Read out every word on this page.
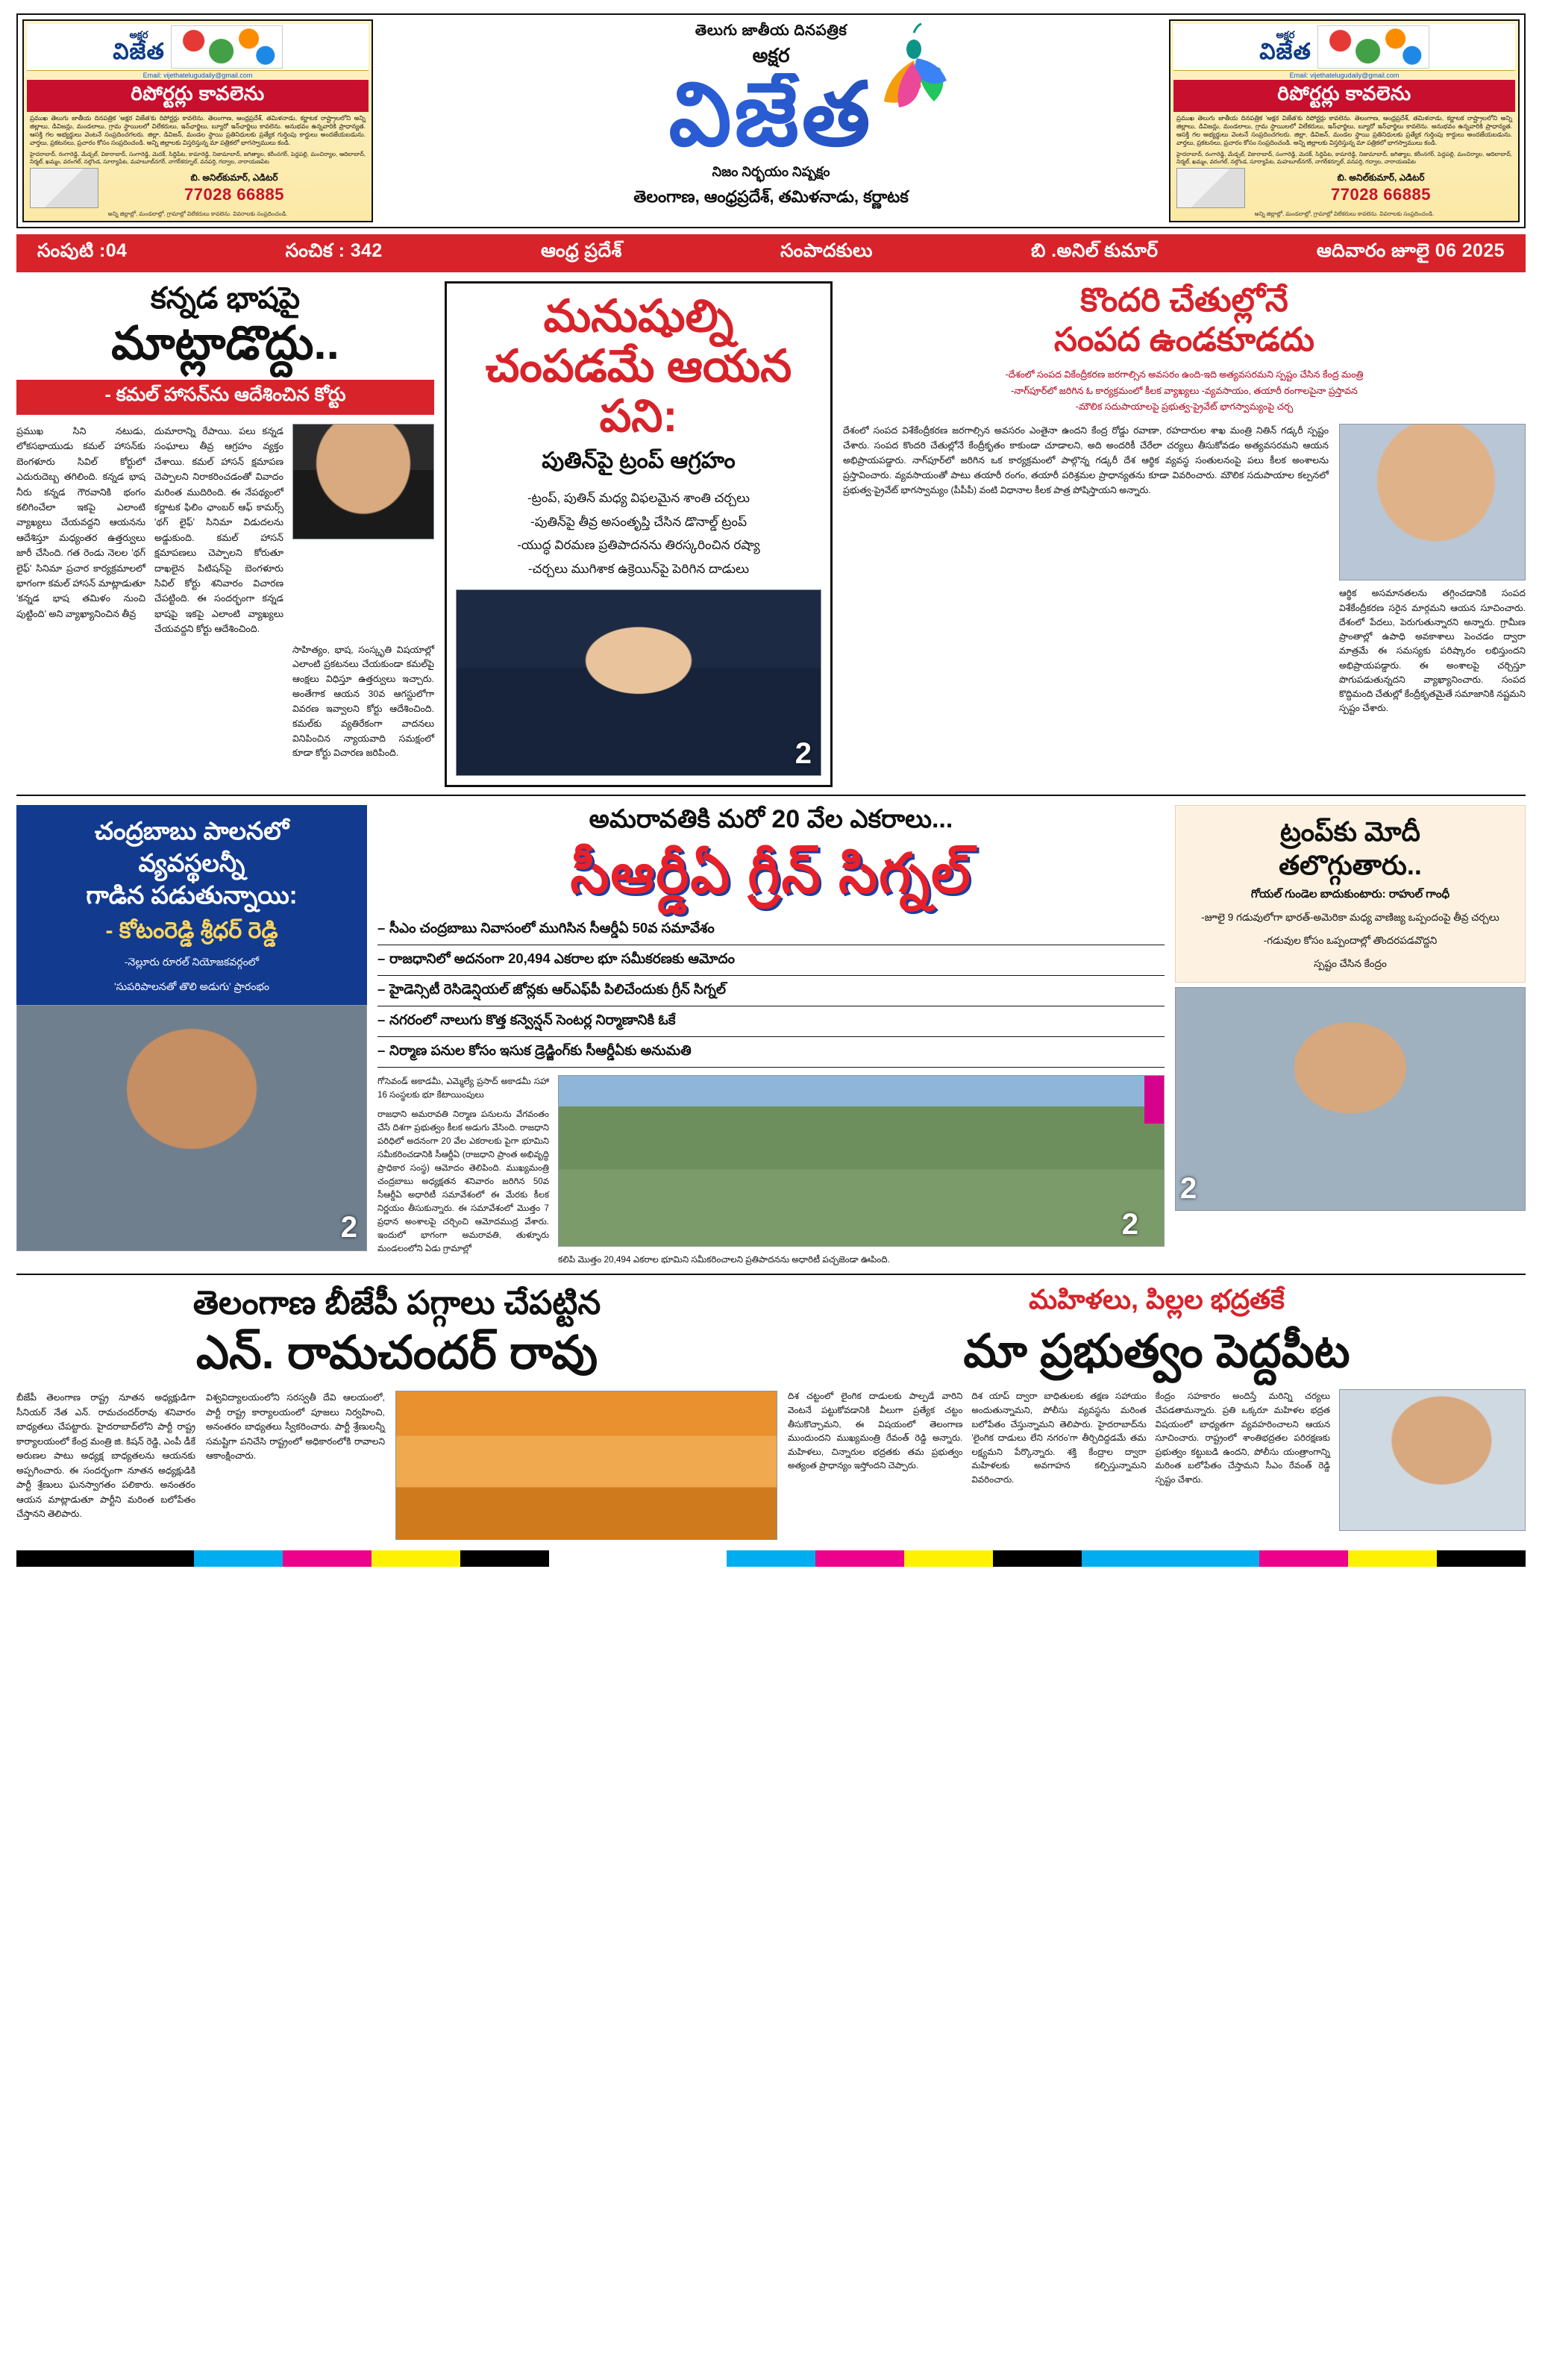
అక్షర
విజేత
Email: vijethatelugudaily@gmail.com
రిపోర్టర్లు కావలెను
ప్రముఖ తెలుగు జాతీయ దినపత్రిక 'అక్షర విజేత'కు రిపోర్టర్లు కావలెను. తెలంగాణ, ఆంధ్రప్రదేశ్, తమిళనాడు, కర్ణాటక రాష్ట్రాలలోని అన్ని జిల్లాలు, డివిజన్లు, మండలాలు, గ్రామ స్థాయిలలో విలేకరులు, ఇన్‌ఛార్జిలు, బ్యూరో ఇన్‌ఛార్జిలు కావలెను. అనుభవం ఉన్నవారికి ప్రాధాన్యత. ఆసక్తి గల అభ్యర్థులు వెంటనే సంప్రదించగలరు. జిల్లా, డివిజన్, మండల స్థాయి ప్రతినిధులకు ప్రత్యేక గుర్తింపు కార్డులు అందజేయబడును. వార్తలు, ప్రకటనలు, ప్రచారం కోసం సంప్రదించండి. అన్ని జిల్లాలకు విస్తరిస్తున్న మా పత్రికలో భాగస్వాములు కండి.
హైదరాబాద్, రంగారెడ్డి, మేడ్చల్, వికారాబాద్, సంగారెడ్డి, మెదక్, సిద్దిపేట, కామారెడ్డి, నిజామాబాద్, జగిత్యాల, కరీంనగర్, పెద్దపల్లి, మంచిర్యాల, ఆదిలాబాద్, నిర్మల్, ఖమ్మం, వరంగల్, నల్గొండ, సూర్యాపేట, మహబూబ్‌నగర్, నాగర్‌కర్నూల్, వనపర్తి, గద్వాల, నారాయణపేట
బి. అనిల్‌కుమార్, ఎడిటర్
77028 66885
అన్ని జిల్లాల్లో, మండలాల్లో, గ్రామాల్లో విలేకరులు కావలెను. వివరాలకు సంప్రదించండి.
తెలుగు జాతీయ దినపత్రిక
అక్షర
విజేత
నిజం నిర్భయం నిష్పక్షం
తెలంగాణ, ఆంధ్రప్రదేశ్, తమిళనాడు, కర్ణాటక
అక్షర
విజేత
Email: vijethatelugudaily@gmail.com
రిపోర్టర్లు కావలెను
ప్రముఖ తెలుగు జాతీయ దినపత్రిక 'అక్షర విజేత'కు రిపోర్టర్లు కావలెను. తెలంగాణ, ఆంధ్రప్రదేశ్, తమిళనాడు, కర్ణాటక రాష్ట్రాలలోని అన్ని జిల్లాలు, డివిజన్లు, మండలాలు, గ్రామ స్థాయిలలో విలేకరులు, ఇన్‌ఛార్జిలు, బ్యూరో ఇన్‌ఛార్జిలు కావలెను. అనుభవం ఉన్నవారికి ప్రాధాన్యత. ఆసక్తి గల అభ్యర్థులు వెంటనే సంప్రదించగలరు. జిల్లా, డివిజన్, మండల స్థాయి ప్రతినిధులకు ప్రత్యేక గుర్తింపు కార్డులు అందజేయబడును. వార్తలు, ప్రకటనలు, ప్రచారం కోసం సంప్రదించండి. అన్ని జిల్లాలకు విస్తరిస్తున్న మా పత్రికలో భాగస్వాములు కండి.
హైదరాబాద్, రంగారెడ్డి, మేడ్చల్, వికారాబాద్, సంగారెడ్డి, మెదక్, సిద్దిపేట, కామారెడ్డి, నిజామాబాద్, జగిత్యాల, కరీంనగర్, పెద్దపల్లి, మంచిర్యాల, ఆదిలాబాద్, నిర్మల్, ఖమ్మం, వరంగల్, నల్గొండ, సూర్యాపేట, మహబూబ్‌నగర్, నాగర్‌కర్నూల్, వనపర్తి, గద్వాల, నారాయణపేట
బి. అనిల్‌కుమార్, ఎడిటర్
77028 66885
అన్ని జిల్లాల్లో, మండలాల్లో, గ్రామాల్లో విలేకరులు కావలెను. వివరాలకు సంప్రదించండి.
సంపుటి :04	సంచిక : 342	ఆంధ్ర ప్రదేశ్	సంపాదకులు	బి .అనిల్ కుమార్	ఆదివారం జూలై 06 2025
కన్నడ భాషపై
మాట్లాడొద్దు..
- కమల్ హాసన్‌ను ఆదేశించిన కోర్టు
ప్రముఖ సిని నటుడు, లోకసభాయుడు కమల్ హాసన్‌కు బెంగళూరు సివిల్ కోర్టులో ఎదురుదెబ్బ తగిలింది. కన్నడ భాష నీరు కన్నడ గౌరవానికి భంగం కలిగించేలా ఇకపై ఎలాంటి వ్యాఖ్యలు చేయవద్దని ఆయనను ఆదేశిస్తూ మధ్యంతర ఉత్తర్వులు జారీ చేసింది. గత రెండు నెలల 'థగ్ లైఫ్' సినిమా ప్రచార కార్యక్రమాలలో భాగంగా కమల్ హాసన్ మాట్లాడుతూ 'కన్నడ భాష తమిళం నుంచి పుట్టింది' అని వ్యాఖ్యానించిన తీవ్ర
దుమారాన్ని రేపాయి. పలు కన్నడ సంఘాలు తీవ్ర ఆగ్రహం వ్యక్తం చేశాయి. కమల్ హాసన్ క్షమాపణ చెప్పాలని నిరాకరించడంతో వివాదం మరింత ముదిరింది. ఈ నేపథ్యంలో కర్ణాటక ఫిలిం ఛాంబర్ ఆఫ్ కామర్స్ 'థగ్ లైఫ్' సినిమా విడుదలను అడ్డుకుంది. కమల్ హాసన్ క్షమాపణలు చెప్పాలని కోరుతూ దాఖలైన పిటిషన్‌పై బెంగళూరు సివిల్ కోర్టు శనివారం విచారణ చేపట్టింది. ఈ సందర్భంగా కన్నడ భాషపై ఇకపై ఎలాంటి వ్యాఖ్యలు చేయవద్దని కోర్టు ఆదేశించింది.
సాహిత్యం, భాష, సంస్కృతి విషయాల్లో ఎలాంటి ప్రకటనలు చేయకుండా కమల్‌పై ఆంక్షలు విధిస్తూ ఉత్తర్వులు ఇచ్చారు. అంతేగాక ఆయన 30వ ఆగస్టులోగా వివరణ ఇవ్వాలని కోర్టు ఆదేశించింది. కమల్‌కు వ్యతిరేకంగా వాదనలు వినిపించిన న్యాయవాది సమక్షంలో కూడా కోర్టు విచారణ జరిపింది.
మనుషుల్ని చంపడమే ఆయన పని:
పుతిన్‌పై ట్రంప్ ఆగ్రహం
-ట్రంప్, పుతిన్ మధ్య విఫలమైన శాంతి చర్చలు
-పుతిన్‌పై తీవ్ర అసంతృప్తి చేసిన డొనాల్డ్ ట్రంప్
-యుద్ధ విరమణ ప్రతిపాదనను తిరస్కరించిన రష్యా
-చర్చలు ముగిశాక ఉక్రెయిన్‌పై పెరిగిన దాడులు
2
కొందరి చేతుల్లోనే
సంపద ఉండకూడదు
-దేశంలో సంపద వికేంద్రీకరణ జరగాల్సిన అవసరం ఉంది-ఇది అత్యవసరమని స్పష్టం చేసిన కేంద్ర మంత్రి
-నాగ్‌పూర్‌లో జరిగిన ఓ కార్యక్రమంలో కీలక వ్యాఖ్యలు -వ్యవసాయం, తయారీ రంగాలపైనా ప్రస్తావన
-మౌలిక సదుపాయాలపై ప్రభుత్వ-ప్రైవేట్ భాగస్వామ్యంపై చర్చ
దేశంలో సంపద విశేకేంద్రీకరణ జరగాల్సిన అవసరం ఎంతైనా ఉందని కేంద్ర రోడ్డు రవాణా, రహదారుల శాఖ మంత్రి నితిన్ గడ్కరీ స్పష్టం చేశారు. సంపద కొందరి చేతుల్లోనే కేంద్రీకృతం కాకుండా చూడాలని, అది అందరికీ చేరేలా చర్యలు తీసుకోవడం అత్యవసరమని ఆయన అభిప్రాయపడ్డారు. నాగ్‌పూర్‌లో జరిగిన ఒక కార్యక్రమంలో పాల్గొన్న గడ్కరీ దేశ ఆర్థిక వ్యవస్థ సంతులనంపై పలు కీలక అంశాలను ప్రస్తావించారు. వ్యవసాయంతో పాటు తయారీ రంగం, తయారీ పరిశ్రమల ప్రాధాన్యతను కూడా వివరించారు. మౌలిక సదుపాయాల కల్పనలో ప్రభుత్వ-ప్రైవేట్ భాగస్వామ్యం (పీపీపీ) వంటి విధానాల కీలక పాత్ర పోషిస్తాయని అన్నారు.
ఆర్థిక అసమానతలను తగ్గించడానికి సంపద విశేకేంద్రీకరణ సరైన మార్గమని ఆయన సూచించారు. దేశంలో పేదలు, పెరుగుతున్నారని అన్నారు. గ్రామీణ ప్రాంతాల్లో ఉపాధి అవకాశాలు పెంచడం ద్వారా మాత్రమే ఈ సమస్యకు పరిష్కారం లభిస్తుందని అభిప్రాయపడ్డారు. ఈ అంశాలపై చర్చిస్తూ పొగుపడుతున్నదని వ్యాఖ్యానించారు. సంపద కొద్దిమంది చేతుల్లో కేంద్రీకృతమైతే సమాజానికి నష్టమని స్పష్టం చేశారు.
చంద్రబాబు పాలనలో
వ్యవస్థలన్నీ
గాడిన పడుతున్నాయి:
- కోటంరెడ్డి శ్రీధర్ రెడ్డి
-నెల్లూరు రూరల్ నియోజకవర్గంలో
'సుపరిపాలనతో తొలి అడుగు' ప్రారంభం
2
అమరావతికి మరో 20 వేల ఎకరాలు...
సీఆర్డీఏ గ్రీన్ సిగ్నల్
– సీఎం చంద్రబాబు నివాసంలో ముగిసిన సీఆర్డీఏ 50వ సమావేశం
– రాజధానిలో అదనంగా 20,494 ఎకరాల భూ సమీకరణకు ఆమోదం
– హైడెన్సిటీ రెసిడెన్షియల్ జోన్లకు ఆర్‌ఎఫ్‌పీ పిలిచేందుకు గ్రీన్ సిగ్నల్
– నగరంలో నాలుగు కొత్త కన్వెన్షన్ సెంటర్ల నిర్మాణానికి ఓకే
– నిర్మాణ పనుల కోసం ఇసుక డ్రెడ్జింగ్‌కు సీఆర్డీఏకు అనుమతి
గోసెవండ్ అకాడమీ, ఎమ్మెల్యే ప్రసాద్ అకాడమీ సహా 16 సంస్థలకు భూ కేటాయింపులు
రాజధాని అమరావతి నిర్మాణ పనులను వేగవంతం చేసే దిశగా ప్రభుత్వం కీలక అడుగు వేసింది. రాజధాని పరిధిలో అదనంగా 20 వేల ఎకరాలకు పైగా భూమిని సమీకరించడానికి సీఆర్డీఏ (రాజధాని ప్రాంత అభివృద్ధి ప్రాధికార సంస్థ) ఆమోదం తెలిపింది. ముఖ్యమంత్రి చంద్రబాబు అధ్యక్షతన శనివారం జరిగిన 50వ సీఆర్డీఏ అధారిటీ సమావేశంలో ఈ మేరకు కీలక నిర్ణయం తీసుకున్నారు. ఈ సమావేశంలో మొత్తం 7 ప్రధాన అంశాలపై చర్చించి ఆమోదముద్ర వేశారు. ఇందులో భాగంగా అమరావతి, తుళ్ళూరు మండలంలోని ఏడు గ్రామాల్లో
2
కలిపి మొత్తం 20,494 ఎకరాల భూమిని సమీకరించాలని ప్రతిపాదనను అధారిటీ పచ్చజెండా ఊపింది.
ట్రంప్‌కు మోదీ
తలొగ్గుతారు..
గోయల్ గుండెల బాదుకుంటారు: రాహుల్ గాంధీ
-జూలై 9 గడువులోగా భారత్-అమెరికా మధ్య వాణిజ్య ఒప్పందంపై తీవ్ర చర్చలు
-గడువుల కోసం ఒప్పందాల్లో తొందరపడవొద్దని
స్పష్టం చేసిన కేంద్రం
2
తెలంగాణ బీజేపీ పగ్గాలు చేపట్టిన
ఎన్. రామచందర్ రావు
బీజేపీ తెలంగాణ రాష్ట్ర నూతన అధ్యక్షుడిగా సీనియర్ నేత ఎన్. రామచందర్‌రావు శనివారం బాధ్యతలు చేపట్టారు. హైదరాబాద్‌లోని పార్టీ రాష్ట్ర కార్యాలయంలో కేంద్ర మంత్రి జి. కిషన్ రెడ్డి, ఎంపీ డీకే అరుణల పాటు అధ్యక్ష బాధ్యతలను ఆయనకు అప్పగించారు. ఈ సందర్భంగా నూతన అధ్యక్షుడికి పార్టీ శ్రేణులు ఘనస్వాగతం పలికారు. అనంతరం ఆయన మాట్లాడుతూ పార్టీని మరింత బలోపేతం చేస్తానని తెలిపారు.
విశ్వవిద్యాలయంలోని సరస్వతీ దేవి ఆలయంలో, పార్టీ రాష్ట్ర కార్యాలయంలో పూజలు నిర్వహించి, అనంతరం బాధ్యతలు స్వీకరించారు. పార్టీ శ్రేణులన్నీ సమష్టిగా పనిచేసి రాష్ట్రంలో అధికారంలోకి రావాలని ఆకాంక్షించారు.
మహిళలు, పిల్లల భద్రతకే
మా ప్రభుత్వం పెద్దపీట
దిశ చట్టంలో లైంగిక దాడులకు పాల్పడే వారిని వెంటనే పట్టుకోవడానికి వీలుగా ప్రత్యేక చట్టం తీసుకొచ్చామని, ఈ విషయంలో తెలంగాణ ముందుందని ముఖ్యమంత్రి రేవంత్ రెడ్డి అన్నారు. మహిళలు, చిన్నారుల భద్రతకు తమ ప్రభుత్వం అత్యంత ప్రాధాన్యం ఇస్తోందని చెప్పారు.
దిశ యాప్ ద్వారా బాధితులకు తక్షణ సహాయం అందుతున్నామని, పోలీసు వ్యవస్థను మరింత బలోపేతం చేస్తున్నామని తెలిపారు. హైదరాబాద్‌ను 'లైంగిక దాడులు లేని నగరం'గా తీర్చిదిద్దడమే తమ లక్ష్యమని పేర్కొన్నారు. శక్తి కేంద్రాల ద్వారా మహిళలకు అవగాహన కల్పిస్తున్నామని వివరించారు.
కేంద్రం సహకారం అందిస్తే మరిన్ని చర్యలు చేపడతామన్నారు. ప్రతి ఒక్కరూ మహిళల భద్రత విషయంలో బాధ్యతగా వ్యవహరించాలని ఆయన సూచించారు. రాష్ట్రంలో శాంతిభద్రతల పరిరక్షణకు ప్రభుత్వం కట్టుబడి ఉందని, పోలీసు యంత్రాంగాన్ని మరింత బలోపేతం చేస్తామని సీఎం రేవంత్ రెడ్డి స్పష్టం చేశారు.
